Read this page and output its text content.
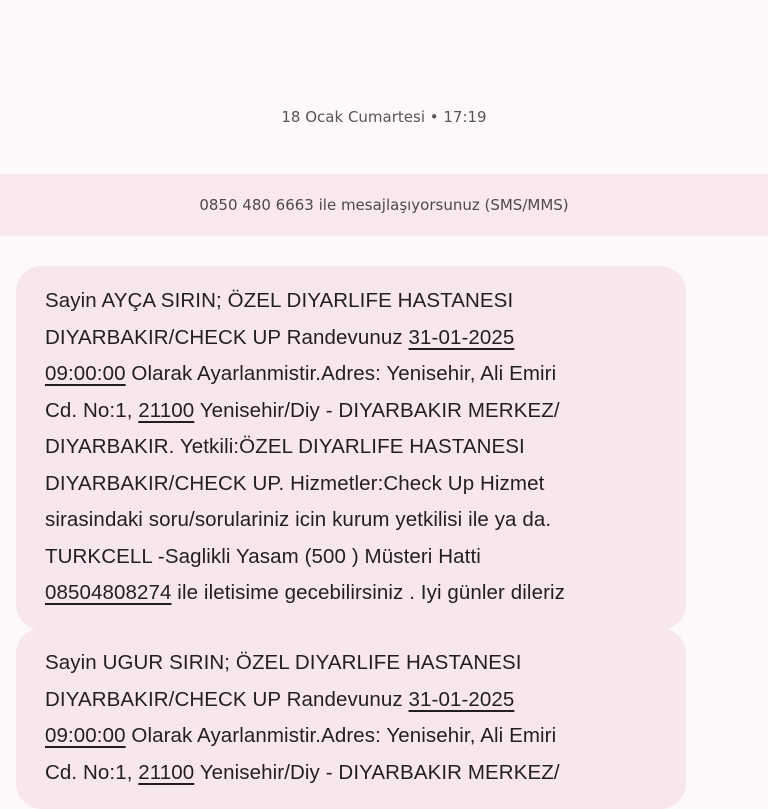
18 Ocak Cumartesi • 17:19
0850 480 6663 ile mesajlaşıyorsunuz (SMS/MMS)
Sayin AYÇA SIRIN; ÖZEL DIYARLIFE HASTANESI
DIYARBAKIR/CHECK UP Randevunuz 31-01-2025
09:00:00 Olarak Ayarlanmistir.Adres: Yenisehir, Ali Emiri
Cd. No:1, 21100 Yenisehir/Diy - DIYARBAKIR MERKEZ/
DIYARBAKIR. Yetkili:ÖZEL DIYARLIFE HASTANESI
DIYARBAKIR/CHECK UP. Hizmetler:Check Up Hizmet
sirasindaki soru/sorulariniz icin kurum yetkilisi ile ya da.
TURKCELL -Saglikli Yasam (500 ) Müsteri Hatti
08504808274 ile iletisime gecebilirsiniz . Iyi günler dileriz
Sayin UGUR SIRIN; ÖZEL DIYARLIFE HASTANESI
DIYARBAKIR/CHECK UP Randevunuz 31-01-2025
09:00:00 Olarak Ayarlanmistir.Adres: Yenisehir, Ali Emiri
Cd. No:1, 21100 Yenisehir/Diy - DIYARBAKIR MERKEZ/
